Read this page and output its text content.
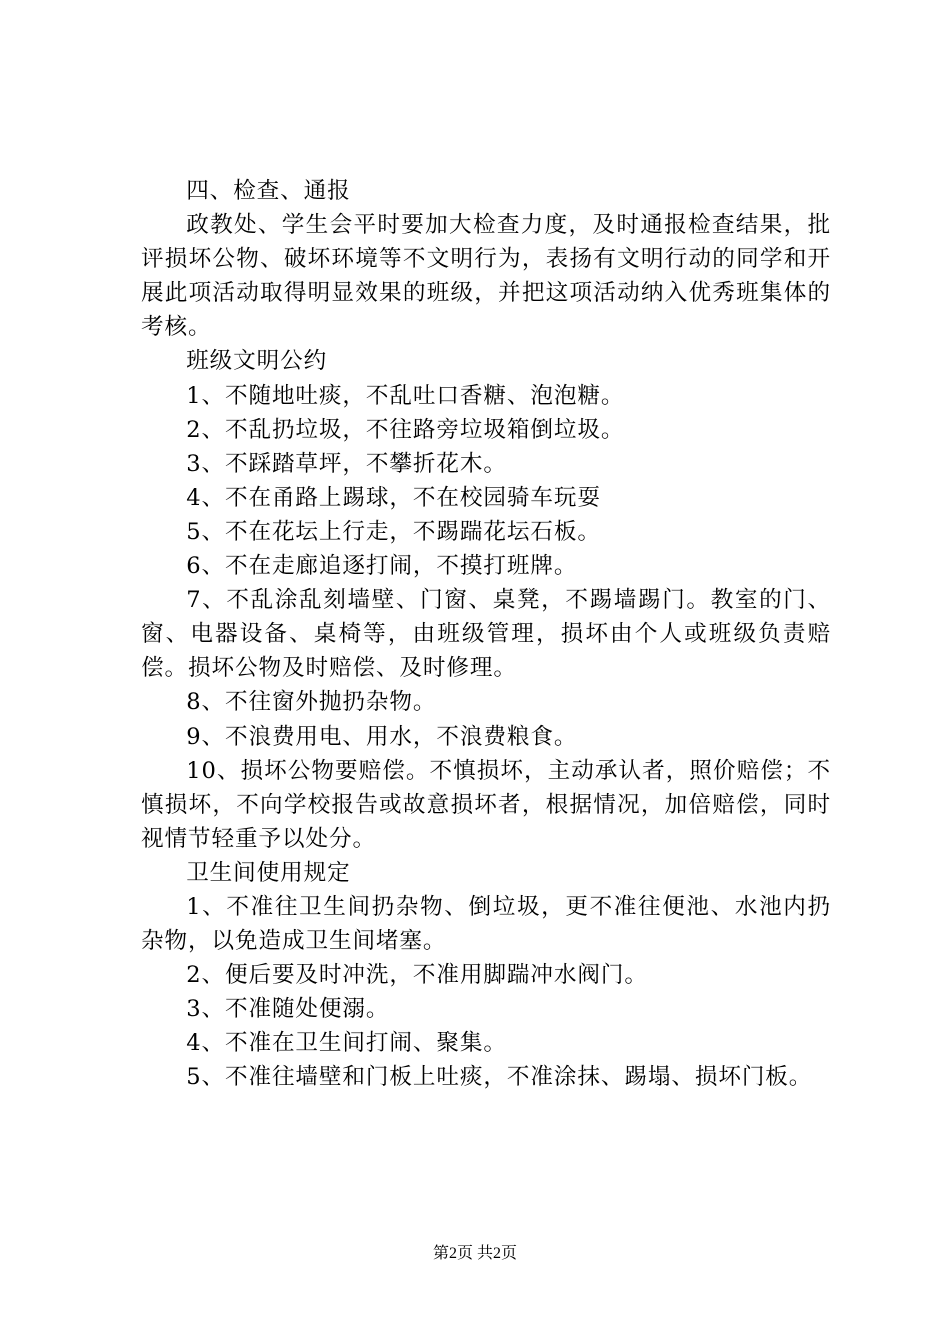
四、检查、通报

政教处、学生会平时要加大检查力度，及时通报检查结果，批评损坏公物、破坏环境等不文明行为，表扬有文明行动的同学和开展此项活动取得明显效果的班级，并把这项活动纳入优秀班集体的考核。

班级文明公约

1、不随地吐痰，不乱吐口香糖、泡泡糖。

2、不乱扔垃圾，不往路旁垃圾箱倒垃圾。

3、不踩踏草坪，不攀折花木。

4、不在甬路上踢球，不在校园骑车玩耍

5、不在花坛上行走，不踢踹花坛石板。

6、不在走廊追逐打闹，不摸打班牌。

7、不乱涂乱刻墙壁、门窗、桌凳，不踢墙踢门。教室的门、窗、电器设备、桌椅等，由班级管理，损坏由个人或班级负责赔偿。损坏公物及时赔偿、及时修理。

8、不往窗外抛扔杂物。

9、不浪费用电、用水，不浪费粮食。

10、损坏公物要赔偿。不慎损坏，主动承认者，照价赔偿；不慎损坏，不向学校报告或故意损坏者，根据情况，加倍赔偿，同时视情节轻重予以处分。

卫生间使用规定

1、不准往卫生间扔杂物、倒垃圾，更不准往便池、水池内扔杂物，以免造成卫生间堵塞。

2、便后要及时冲洗，不准用脚踹冲水阀门。

3、不准随处便溺。

4、不准在卫生间打闹、聚集。

5、不准往墙壁和门板上吐痰，不准涂抹、踢塌、损坏门板。

第2页 共2页
